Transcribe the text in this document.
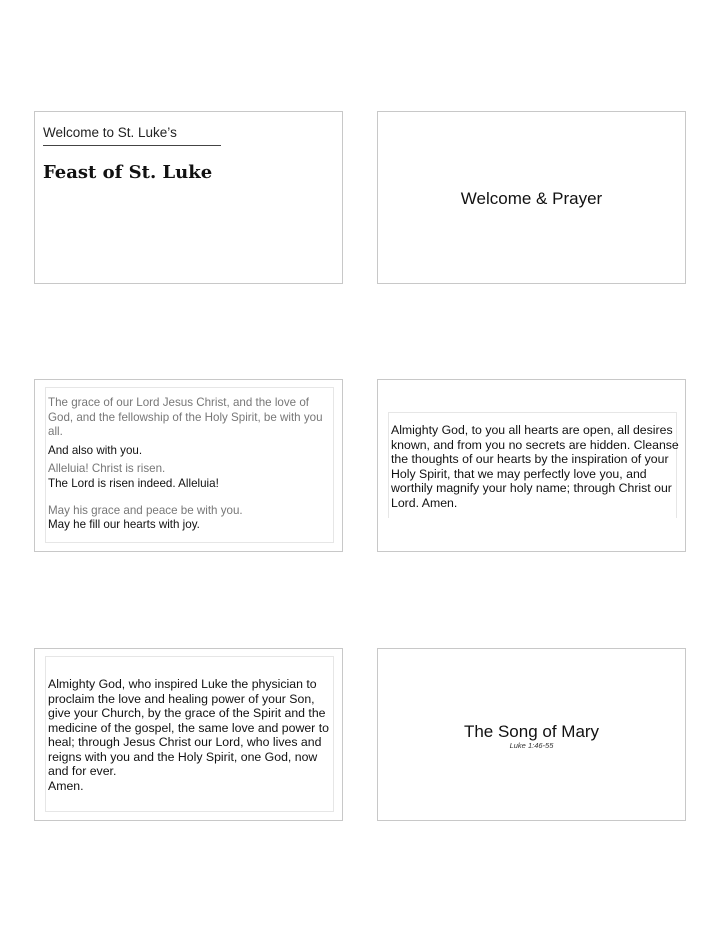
Welcome to St. Luke’s
Feast of St. Luke
Welcome & Prayer

The grace of our Lord Jesus Christ, and the love of God, and the fellowship of the Holy Spirit, be with you all.

And also with you.

Alleluia! Christ is risen.

The Lord is risen indeed. Alleluia!

May his grace and peace be with you.

May he fill our hearts with joy.

Almighty God, to you all hearts are open, all desires known, and from you no secrets are hidden. Cleanse the thoughts of our hearts by the inspiration of your Holy Spirit, that we may perfectly love you, and worthily magnify your holy name; through Christ our Lord. Amen.
Almighty God, who inspired Luke the physician to proclaim the love and healing power of your Son, give your Church, by the grace of the Spirit and the medicine of the gospel, the same love and power to heal; through Jesus Christ our Lord, who lives and reigns with you and the Holy Spirit, one God, now and for ever.
Amen.
The Song of Mary
Luke 1:46-55
